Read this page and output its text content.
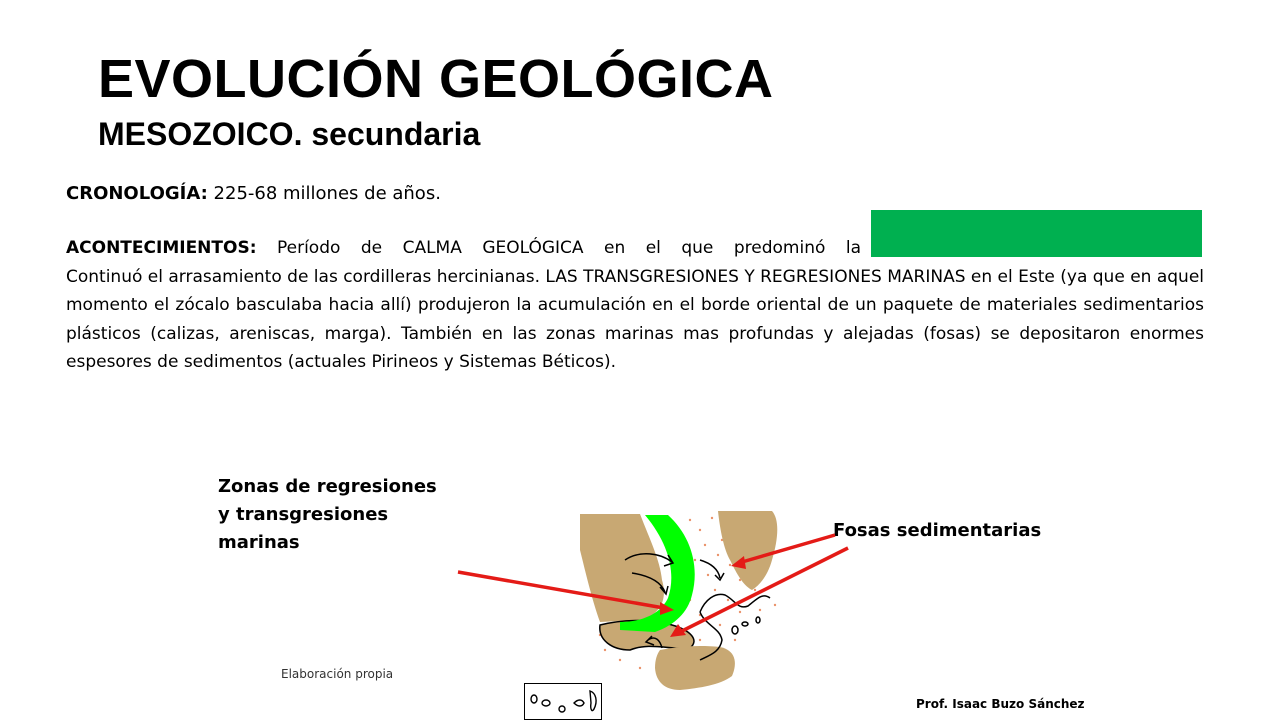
EVOLUCIÓN GEOLÓGICA
MESOZOICO. secundaria
CRONOLOGÍA: 225-68 millones de años.
ACONTECIMIENTOS: Período de CALMA GEOLÓGICA en el que predominó la
Continuó el arrasamiento de las cordilleras hercinianas. LAS TRANSGRESIONES Y REGRESIONES MARINAS en el Este (ya que en aquel momento el zócalo basculaba hacia allí) produjeron la acumulación en el borde oriental de un paquete de materiales sedimentarios plásticos (calizas, areniscas, marga). También en las zonas marinas mas profundas y alejadas (fosas) se depositaron enormes espesores de sedimentos (actuales Pirineos y Sistemas Béticos).
Zonas de regresiones y transgresiones marinas
Fosas sedimentarias
Elaboración propia
Prof. Isaac Buzo Sánchez
